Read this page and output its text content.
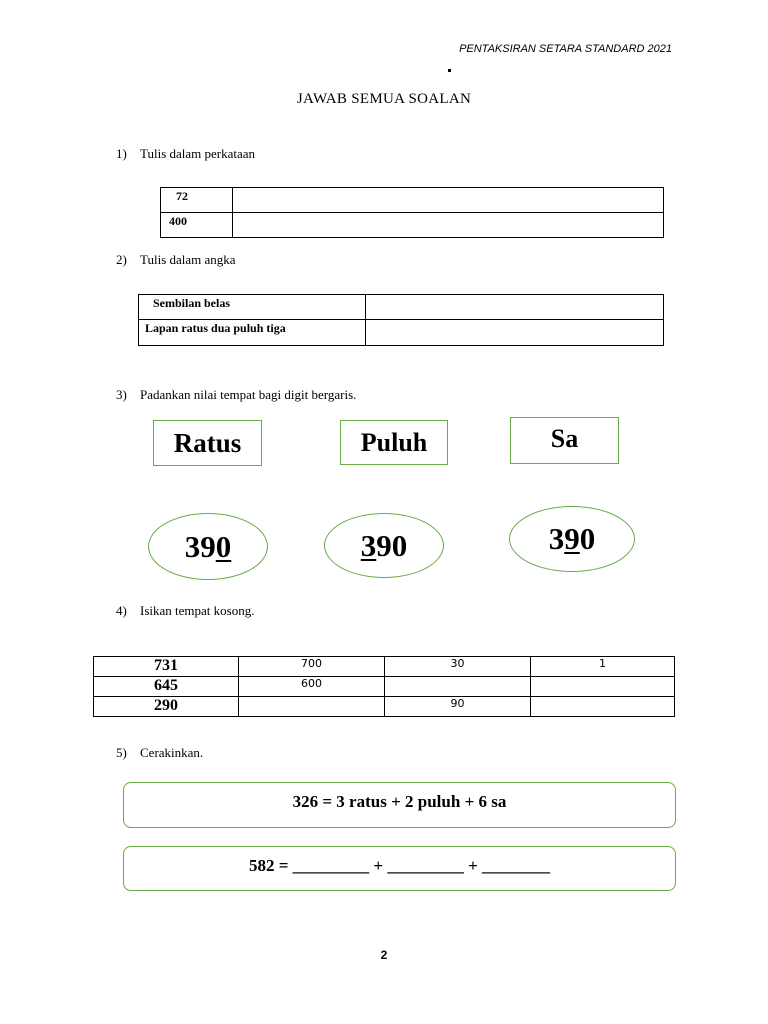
PENTAKSIRAN SETARA STANDARD 2021
JAWAB SEMUA SOALAN
1) Tulis dalam perkataan
72	
400	
2) Tulis dalam angka
Sembilan belas	
Lapan ratus dua puluh tiga	
3) Padankan nilai tempat bagi digit bergaris.
Ratus	Puluh	Sa
39 0	3 90	3 9 0
4) Isikan tempat kosong.
731	700	30	1
645	600		
290		90	
5) Cerakinkan.
326 = 3 ratus + 2 puluh + 6 sa
582 = _________ + _________ + ________
2
